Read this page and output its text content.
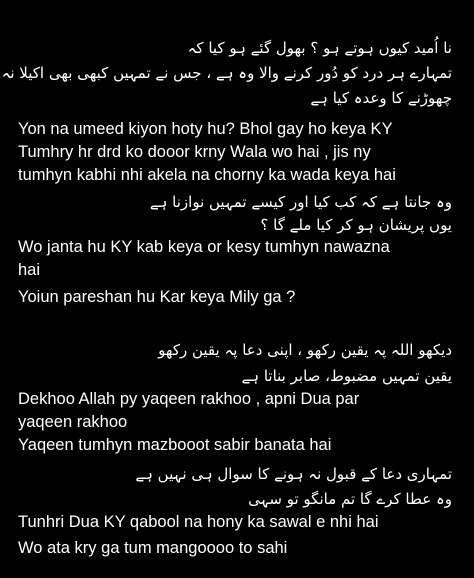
نا اُمید کیوں ہوتے ہو ؟ بھول گئے ہو کیا کہ
تمہارے ہر درد کو دُور کرنے والا وہ ہے ، جس نے تمہیں کبھی بھی اکیلا نہ
چھوڑنے کا وعدہ کیا ہے
Yon na umeed kiyon hoty hu? Bhol gay ho keya KY
Tumhry hr drd ko dooor krny Wala wo hai , jis ny
tumhyn kabhi nhi akela na chorny ka wada keya hai
وہ جانتا ہے کہ کب کیا اور کیسے تمہیں نوازنا ہے
یوں پریشان ہو کر کیا ملے گا ؟
Wo janta hu KY kab keya or kesy tumhyn nawazna
hai
Yoiun pareshan hu Kar keya Mily ga ?
دیکھو اللہ پہ یقین رکھو ، اپنی دعا پہ یقین رکھو
یقین تمہیں مضبوط، صابر بناتا ہے
Dekhoo Allah py yaqeen rakhoo , apni Dua par
yaqeen rakhoo
Yaqeen tumhyn mazbooot sabir banata hai
تمہاری دعا کے قبول نہ ہونے کا سوال ہی نہیں ہے
وہ عطا کرے گا تم مانگو تو سہی
Tunhri Dua KY qabool na hony ka sawal e nhi hai
Wo ata kry ga tum mangoooo to sahi
